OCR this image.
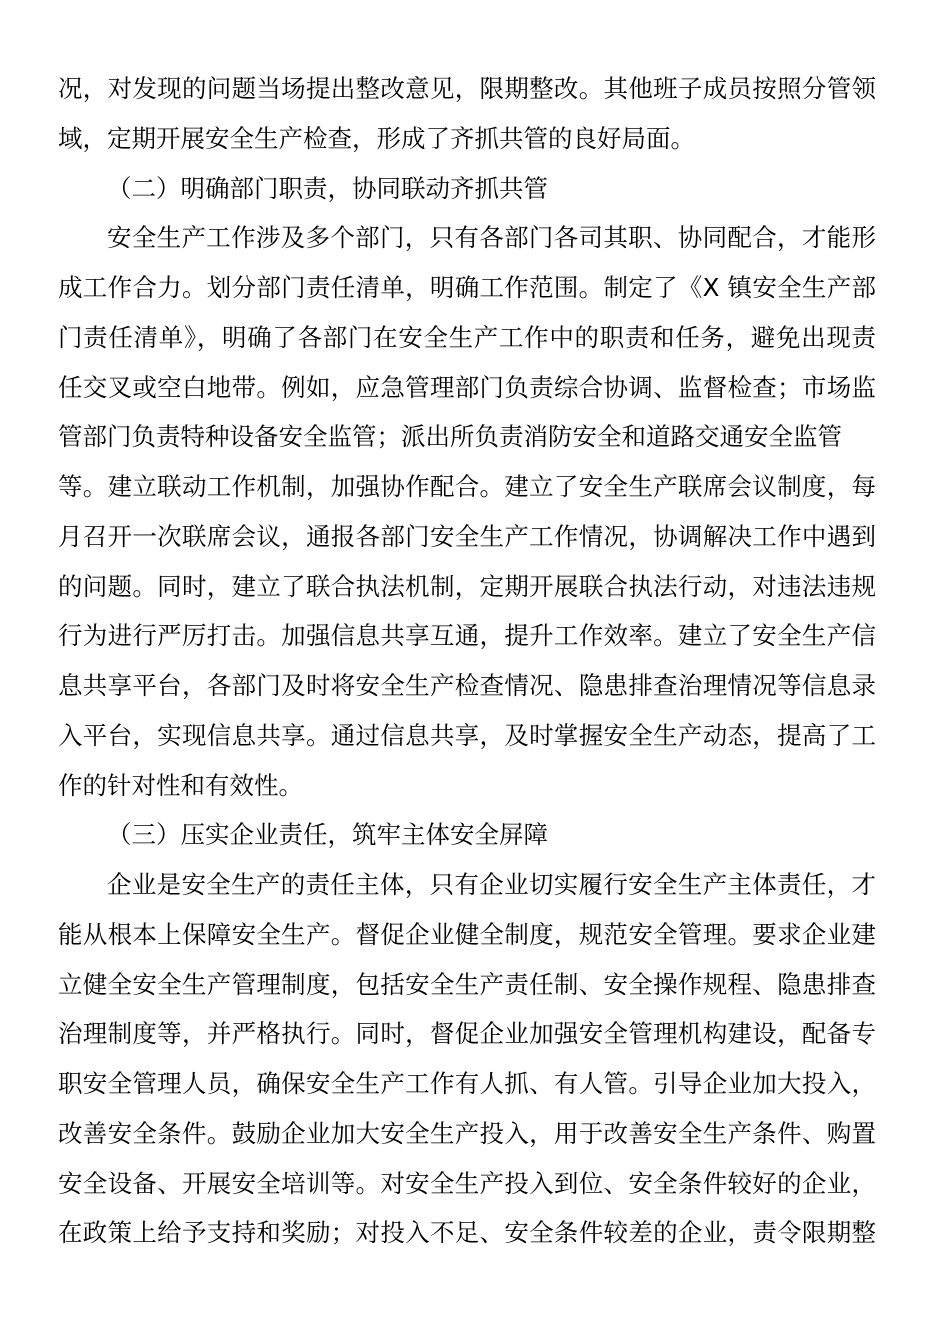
况，对发现的问题当场提出整改意见，限期整改。其他班子成员按照分管领
域，定期开展安全生产检查，形成了齐抓共管的良好局面。
（二）明确部门职责，协同联动齐抓共管
安全生产工作涉及多个部门，只有各部门各司其职、协同配合，才能形
成工作合力。划分部门责任清单，明确工作范围。制定了《X 镇安全生产部
门责任清单》，明确了各部门在安全生产工作中的职责和任务，避免出现责
任交叉或空白地带。例如，应急管理部门负责综合协调、监督检查；市场监
管部门负责特种设备安全监管；派出所负责消防安全和道路交通安全监管
等。建立联动工作机制，加强协作配合。建立了安全生产联席会议制度，每
月召开一次联席会议，通报各部门安全生产工作情况，协调解决工作中遇到
的问题。同时，建立了联合执法机制，定期开展联合执法行动，对违法违规
行为进行严厉打击。加强信息共享互通，提升工作效率。建立了安全生产信
息共享平台，各部门及时将安全生产检查情况、隐患排查治理情况等信息录
入平台，实现信息共享。通过信息共享，及时掌握安全生产动态，提高了工
作的针对性和有效性。
（三）压实企业责任，筑牢主体安全屏障
企业是安全生产的责任主体，只有企业切实履行安全生产主体责任，才
能从根本上保障安全生产。督促企业健全制度，规范安全管理。要求企业建
立健全安全生产管理制度，包括安全生产责任制、安全操作规程、隐患排查
治理制度等，并严格执行。同时，督促企业加强安全管理机构建设，配备专
职安全管理人员，确保安全生产工作有人抓、有人管。引导企业加大投入，
改善安全条件。鼓励企业加大安全生产投入，用于改善安全生产条件、购置
安全设备、开展安全培训等。对安全生产投入到位、安全条件较好的企业，
在政策上给予支持和奖励；对投入不足、安全条件较差的企业，责令限期整
